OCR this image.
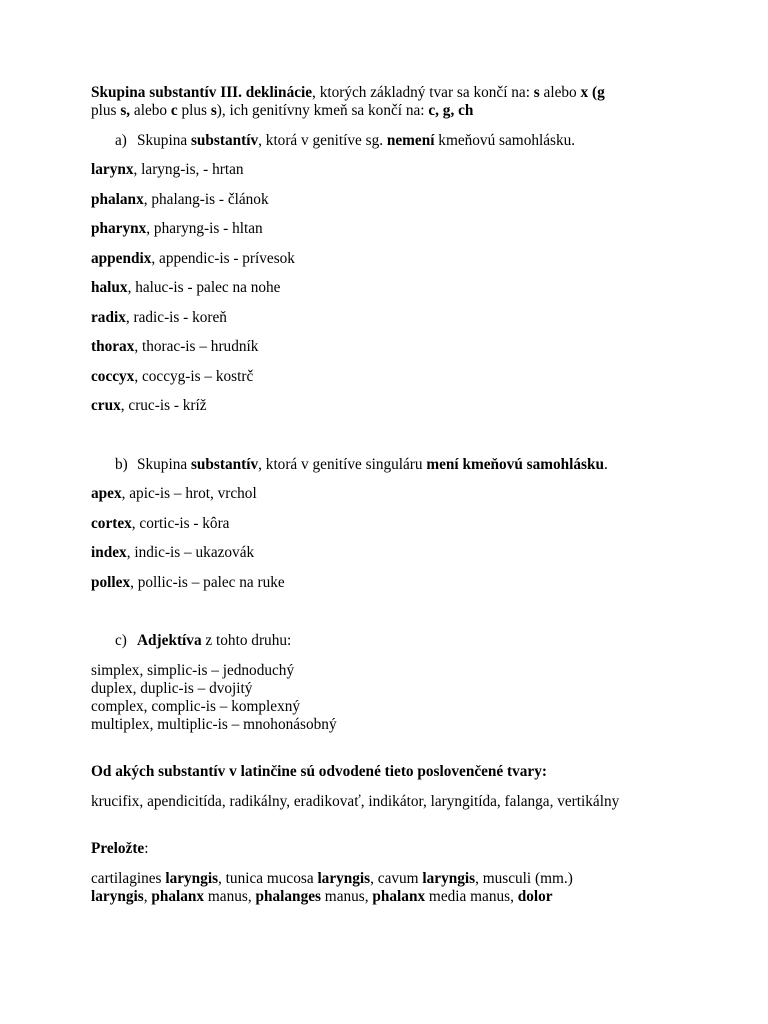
Skupina substantív III. deklinácie, ktorých základný tvar sa končí na: s alebo x (g
plus s, alebo c plus s), ich genitívny kmeň sa končí na: c, g, ch

a) Skupina substantív, ktorá v genitíve sg. nemení kmeňovú samohlásku.

larynx, laryng-is, - hrtan

phalanx, phalang-is - článok

pharynx, pharyng-is - hltan

appendix, appendic-is - prívesok

halux, haluc-is - palec na nohe

radix, radic-is - koreň

thorax, thorac-is – hrudník

coccyx, coccyg-is – kostrč

crux, cruc-is - kríž

b) Skupina substantív, ktorá v genitíve singuláru mení kmeňovú samohlásku.

apex, apic-is – hrot, vrchol

cortex, cortic-is - kôra

index, indic-is – ukazovák

pollex, pollic-is – palec na ruke

c) Adjektíva z tohto druhu:

simplex, simplic-is – jednoduchý

duplex, duplic-is – dvojitý

complex, complic-is – komplexný

multiplex, multiplic-is – mnohonásobný

Od akých substantív v latinčine sú odvodené tieto poslovenčené tvary:

krucifix, apendicitída, radikálny, eradikovať, indikátor, laryngitída, falanga, vertikálny

Preložte:

cartilagines laryngis, tunica mucosa laryngis, cavum laryngis, musculi (mm.)
laryngis, phalanx manus, phalanges manus, phalanx media manus, dolor
